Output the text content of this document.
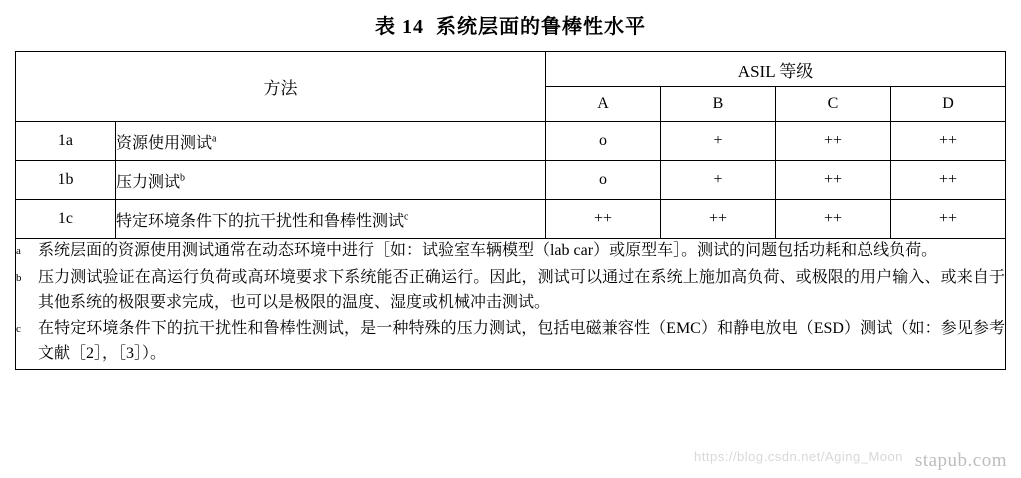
表 14 系统层面的鲁棒性水平
方法		ASIL 等级			
		A	B	C	D
1a	资源使用测试$^a$	o	+	++	++
1b	压力测试$^b$	o	+	++	++
1c	特定环境条件下的抗干扰性和鲁棒性测试$^c$	++	++	++	++

a	系统层面的资源使用测试通常在动态环境中进行［如：试验室车辆模型（lab car）或原型车］。测试的问题包括功耗和总线负荷。
b	压力测试验证在高运行负荷或高环境要求下系统能否正确运行。因此，测试可以通过在系统上施加高负荷、或极限的用户输入、或来自于其他系统的极限要求完成，也可以是极限的温度、湿度或机械冲击测试。
c	在特定环境条件下的抗干扰性和鲁棒性测试，是一种特殊的压力测试，包括电磁兼容性（EMC）和静电放电（ESD）测试（如：参见参考文献［2］，［3］）。
https://blog.csdn.net/Aging_Moon stapub.com
